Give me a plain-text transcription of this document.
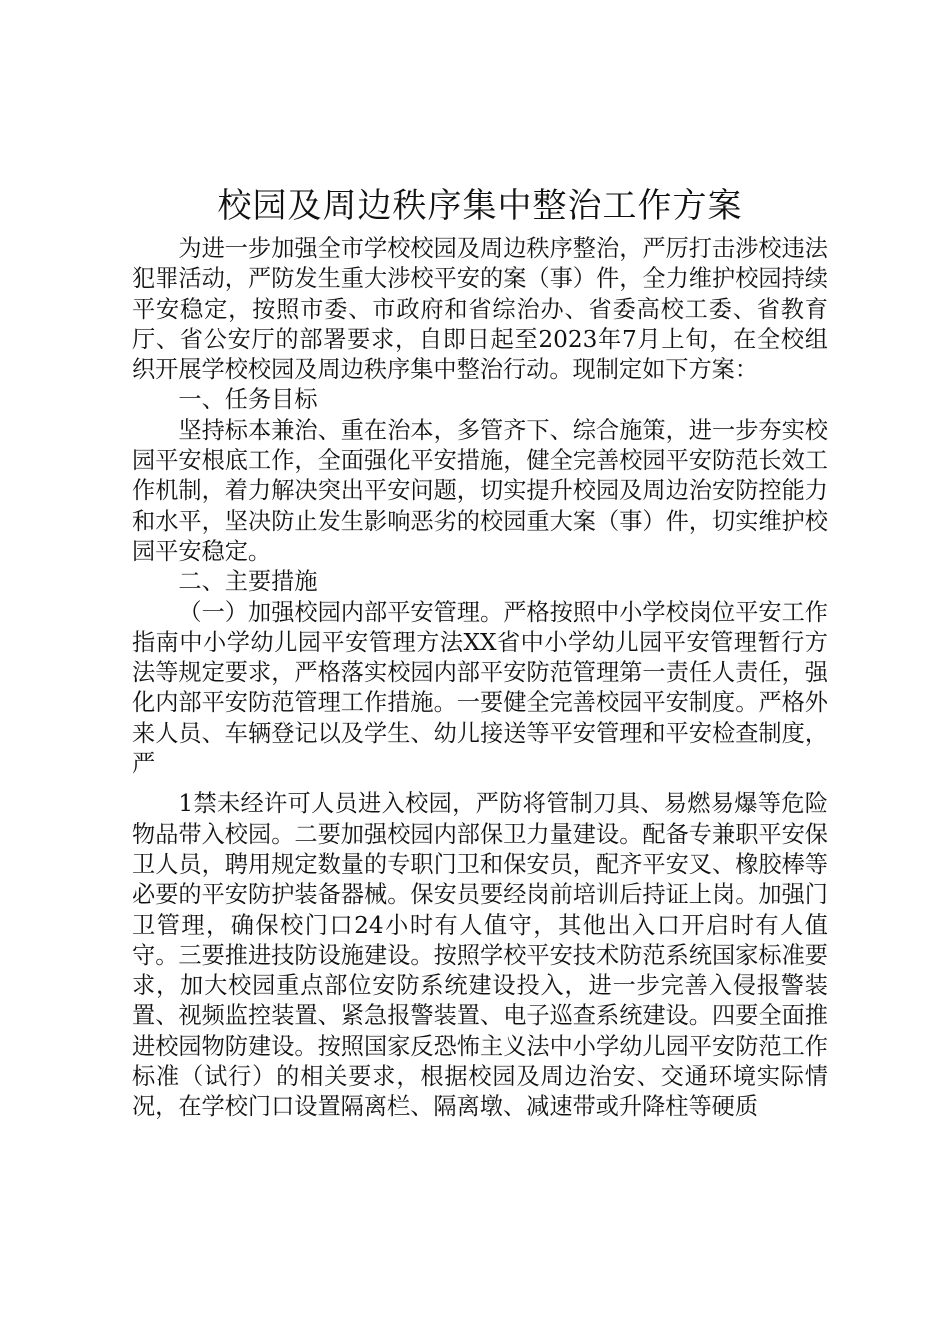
校园及周边秩序集中整治工作方案

为进一步加强全市学校校园及周边秩序整治，严厉打击涉校违法犯罪活动，严防发生重大涉校平安的案（事）件，全力维护校园持续平安稳定，按照市委、市政府和省综治办、省委高校工委、省教育厅、省公安厅的部署要求，自即日起至2023年7月上旬，在全校组织开展学校校园及周边秩序集中整治行动。现制定如下方案：

一、任务目标

坚持标本兼治、重在治本，多管齐下、综合施策，进一步夯实校园平安根底工作，全面强化平安措施，健全完善校园平安防范长效工作机制，着力解决突出平安问题，切实提升校园及周边治安防控能力和水平，坚决防止发生影响恶劣的校园重大案（事）件，切实维护校园平安稳定。

二、主要措施

（一）加强校园内部平安管理。严格按照中小学校岗位平安工作指南中小学幼儿园平安管理方法XX省中小学幼儿园平安管理暂行方法等规定要求，严格落实校园内部平安防范管理第一责任人责任，强化内部平安防范管理工作措施。一要健全完善校园平安制度。严格外来人员、车辆登记以及学生、幼儿接送等平安管理和平安检查制度，严

1禁未经许可人员进入校园，严防将管制刀具、易燃易爆等危险物品带入校园。二要加强校园内部保卫力量建设。配备专兼职平安保卫人员，聘用规定数量的专职门卫和保安员，配齐平安叉、橡胶棒等必要的平安防护装备器械。保安员要经岗前培训后持证上岗。加强门卫管理，确保校门口24小时有人值守，其他出入口开启时有人值守。三要推进技防设施建设。按照学校平安技术防范系统国家标准要求，加大校园重点部位安防系统建设投入，进一步完善入侵报警装置、视频监控装置、紧急报警装置、电子巡查系统建设。四要全面推进校园物防建设。按照国家反恐怖主义法中小学幼儿园平安防范工作标准（试行）的相关要求，根据校园及周边治安、交通环境实际情况，在学校门口设置隔离栏、隔离墩、减速带或升降柱等硬质
